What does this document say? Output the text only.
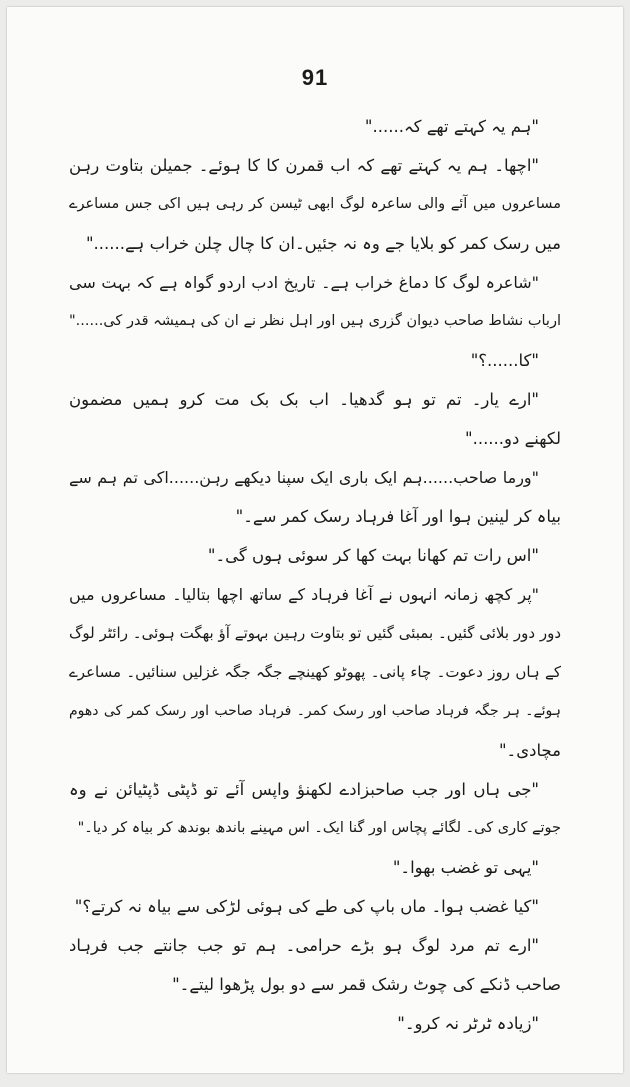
91
"ہم یہ کہتے تھے کہ......"
"اچھا۔ ہم یہ کہتے تھے کہ اب قمرن کا کا ہوئے۔ جمیلن بتاوت رہن
مساعروں میں آئے والی ساعرہ لوگ ابھی ٹیسن کر رہی ہیں اکی جس مساعرے
میں رسک کمر کو بلایا جے وہ نہ جئیں۔ان کا چال چلن خراب ہے......"
"شاعرہ لوگ کا دماغ خراب ہے۔ تاریخ ادب اردو گواہ ہے کہ بہت سی
ارباب نشاط صاحب دیوان گزری ہیں اور اہل نظر نے ان کی ہمیشہ قدر کی......"
"کا......؟"
"ارے یار۔ تم تو ہو گدھیا۔ اب بک بک مت کرو ہمیں مضمون
لکھنے دو......"
"ورما صاحب......ہم ایک باری ایک سپنا دیکھے رہن......اکی تم ہم سے
بیاہ کر لینین ہوا اور آغا فرہاد رسک کمر سے۔"
"اس رات تم کھانا بہت کھا کر سوئی ہوں گی۔"
"پر کچھ زمانہ انہوں نے آغا فرہاد کے ساتھ اچھا بتالیا۔ مساعروں میں
دور دور بلائی گئیں۔ بمبئی گئیں تو بتاوت رہین بہوتے آؤ بھگت ہوئی۔ رائٹر لوگ
کے ہاں روز دعوت۔ چاء پانی۔ پھوٹو کھینچے جگہ جگہ غزلیں سنائیں۔ مساعرے
ہوئے۔ ہر جگہ فرہاد صاحب اور رسک کمر۔ فرہاد صاحب اور رسک کمر کی دھوم
مچادی۔"
"جی ہاں اور جب صاحبزادے لکھنؤ واپس آئے تو ڈپٹی ڈپٹیائن نے وہ
جوتے کاری کی۔ لگائے پچاس اور گنا ایک۔ اس مہینے باندھ بوندھ کر بیاہ کر دیا۔"
"یہی تو غضب بھوا۔"
"کیا غضب ہوا۔ ماں باپ کی طے کی ہوئی لڑکی سے بیاہ نہ کرتے؟"
"ارے تم مرد لوگ ہو بڑے حرامی۔ ہم تو جب جانتے جب فرہاد
صاحب ڈنکے کی چوٹ رشک قمر سے دو بول پڑھوا لیتے۔"
"زیادہ ٹرٹر نہ کرو۔"
